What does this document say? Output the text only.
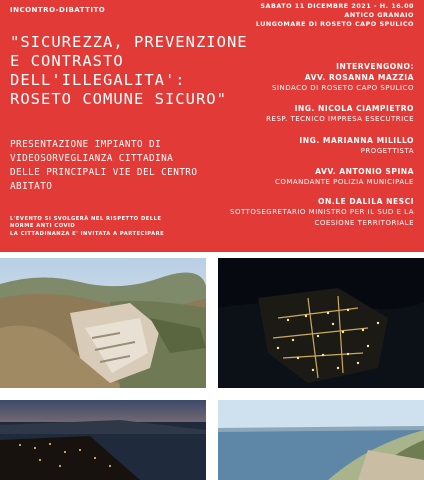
INCONTRO-DIBATTITO	SABATO 11 DICEMBRE 2021 - H. 16.00
ANTICO GRANAIO
LUNGOMARE DI ROSETO CAPO SPULICO
"SICUREZZA, PREVENZIONE
E CONTRASTO
DELL'ILLEGALITA':
ROSETO COMUNE SICURO"
PRESENTAZIONE IMPIANTO DI
VIDEOSORVEGLIANZA CITTADINA
DELLE PRINCIPALI VIE DEL CENTRO
ABITATO
L'EVENTO SI SVOLGERÀ NEL RISPETTO DELLE
NORME ANTI COVID
LA CITTADINANZA E' INVITATA A PARTECIPARE
INTERVENGONO:
AVV. ROSANNA MAZZIA
SINDACO DI ROSETO CAPO SPULICO
ING. NICOLA CIAMPIETRO
RESP. TECNICO IMPRESA ESECUTRICE
ING. MARIANNA MILILLO
PROGETTISTA
AVV. ANTONIO SPINA
COMANDANTE POLIZIA MUNICIPALE
ON.LE DALILA NESCI
SOTTOSEGRETARIO MINISTRO PER IL SUD E LA
COESIONE TERRITORIALE
